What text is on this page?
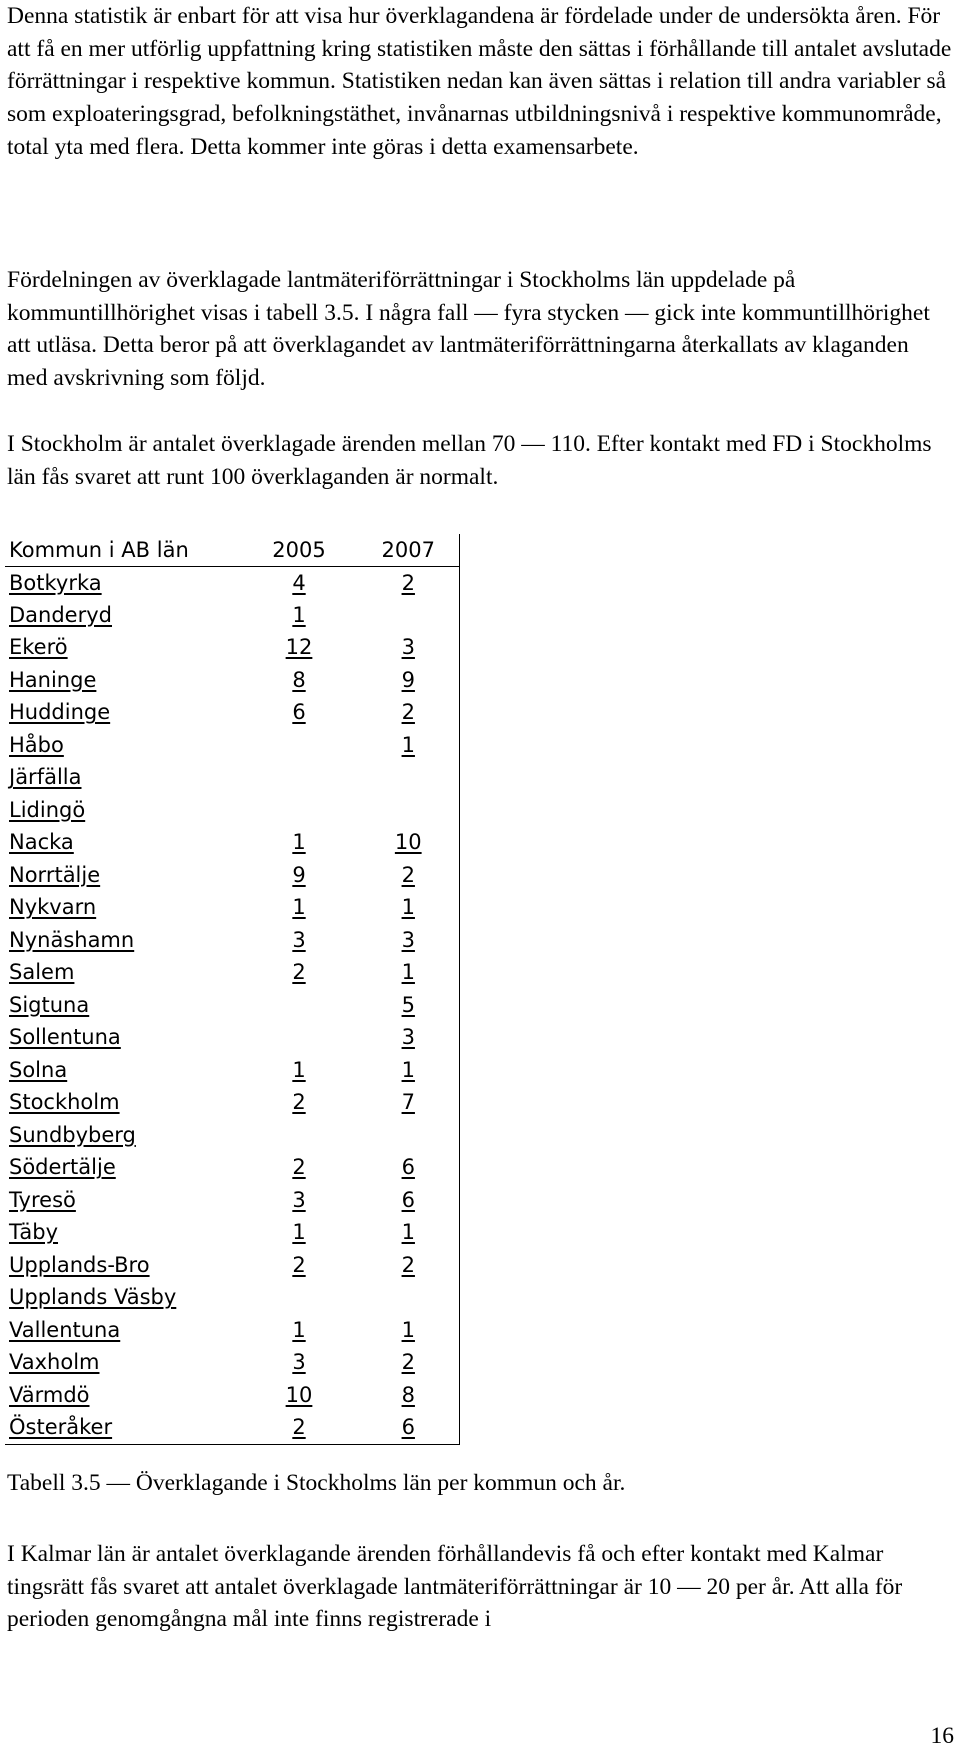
Denna statistik är enbart för att visa hur överklagandena är fördelade under de undersökta åren. För att få en mer utförlig uppfattning kring statistiken måste den sättas i förhållande till antalet avslutade förrättningar i respektive kommun. Statistiken nedan kan även sättas i relation till andra variabler så som exploateringsgrad, befolkningstäthet, invånarnas utbildningsnivå i respektive kommunområde, total yta med flera. Detta kommer inte göras i detta examensarbete.

Fördelningen av överklagade lantmäteriförrättningar i Stockholms län uppdelade på kommuntillhörighet visas i tabell 3.5. I några fall — fyra stycken — gick inte kommuntillhörighet att utläsa. Detta beror på att överklagandet av lantmäteriförrättningarna återkallats av klaganden med avskrivning som följd.

I Stockholm är antalet överklagade ärenden mellan 70 — 110. Efter kontakt med FD i Stockholms län fås svaret att runt 100 överklaganden är normalt.

Kommun i AB län	2005	2007
Botkyrka	4	2
Danderyd	1	
Ekerö	12	3
Haninge	8	9
Huddinge	6	2
Håbo		1
Järfälla		
Lidingö		
Nacka	1	10
Norrtälje	9	2
Nykvarn	1	1
Nynäshamn	3	3
Salem	2	1
Sigtuna		5
Sollentuna		3
Solna	1	1
Stockholm	2	7
Sundbyberg		
Södertälje	2	6
Tyresö	3	6
Täby	1	1
Upplands-Bro	2	2
Upplands Väsby		
Vallentuna	1	1
Vaxholm	3	2
Värmdö	10	8
Österåker	2	6

Tabell 3.5 — Överklagande i Stockholms län per kommun och år.

I Kalmar län är antalet överklagande ärenden förhållandevis få och efter kontakt med Kalmar tingsrätt fås svaret att antalet överklagade lantmäteriförrättningar är 10 — 20 per år. Att alla för perioden genomgångna mål inte finns registrerade i

16
